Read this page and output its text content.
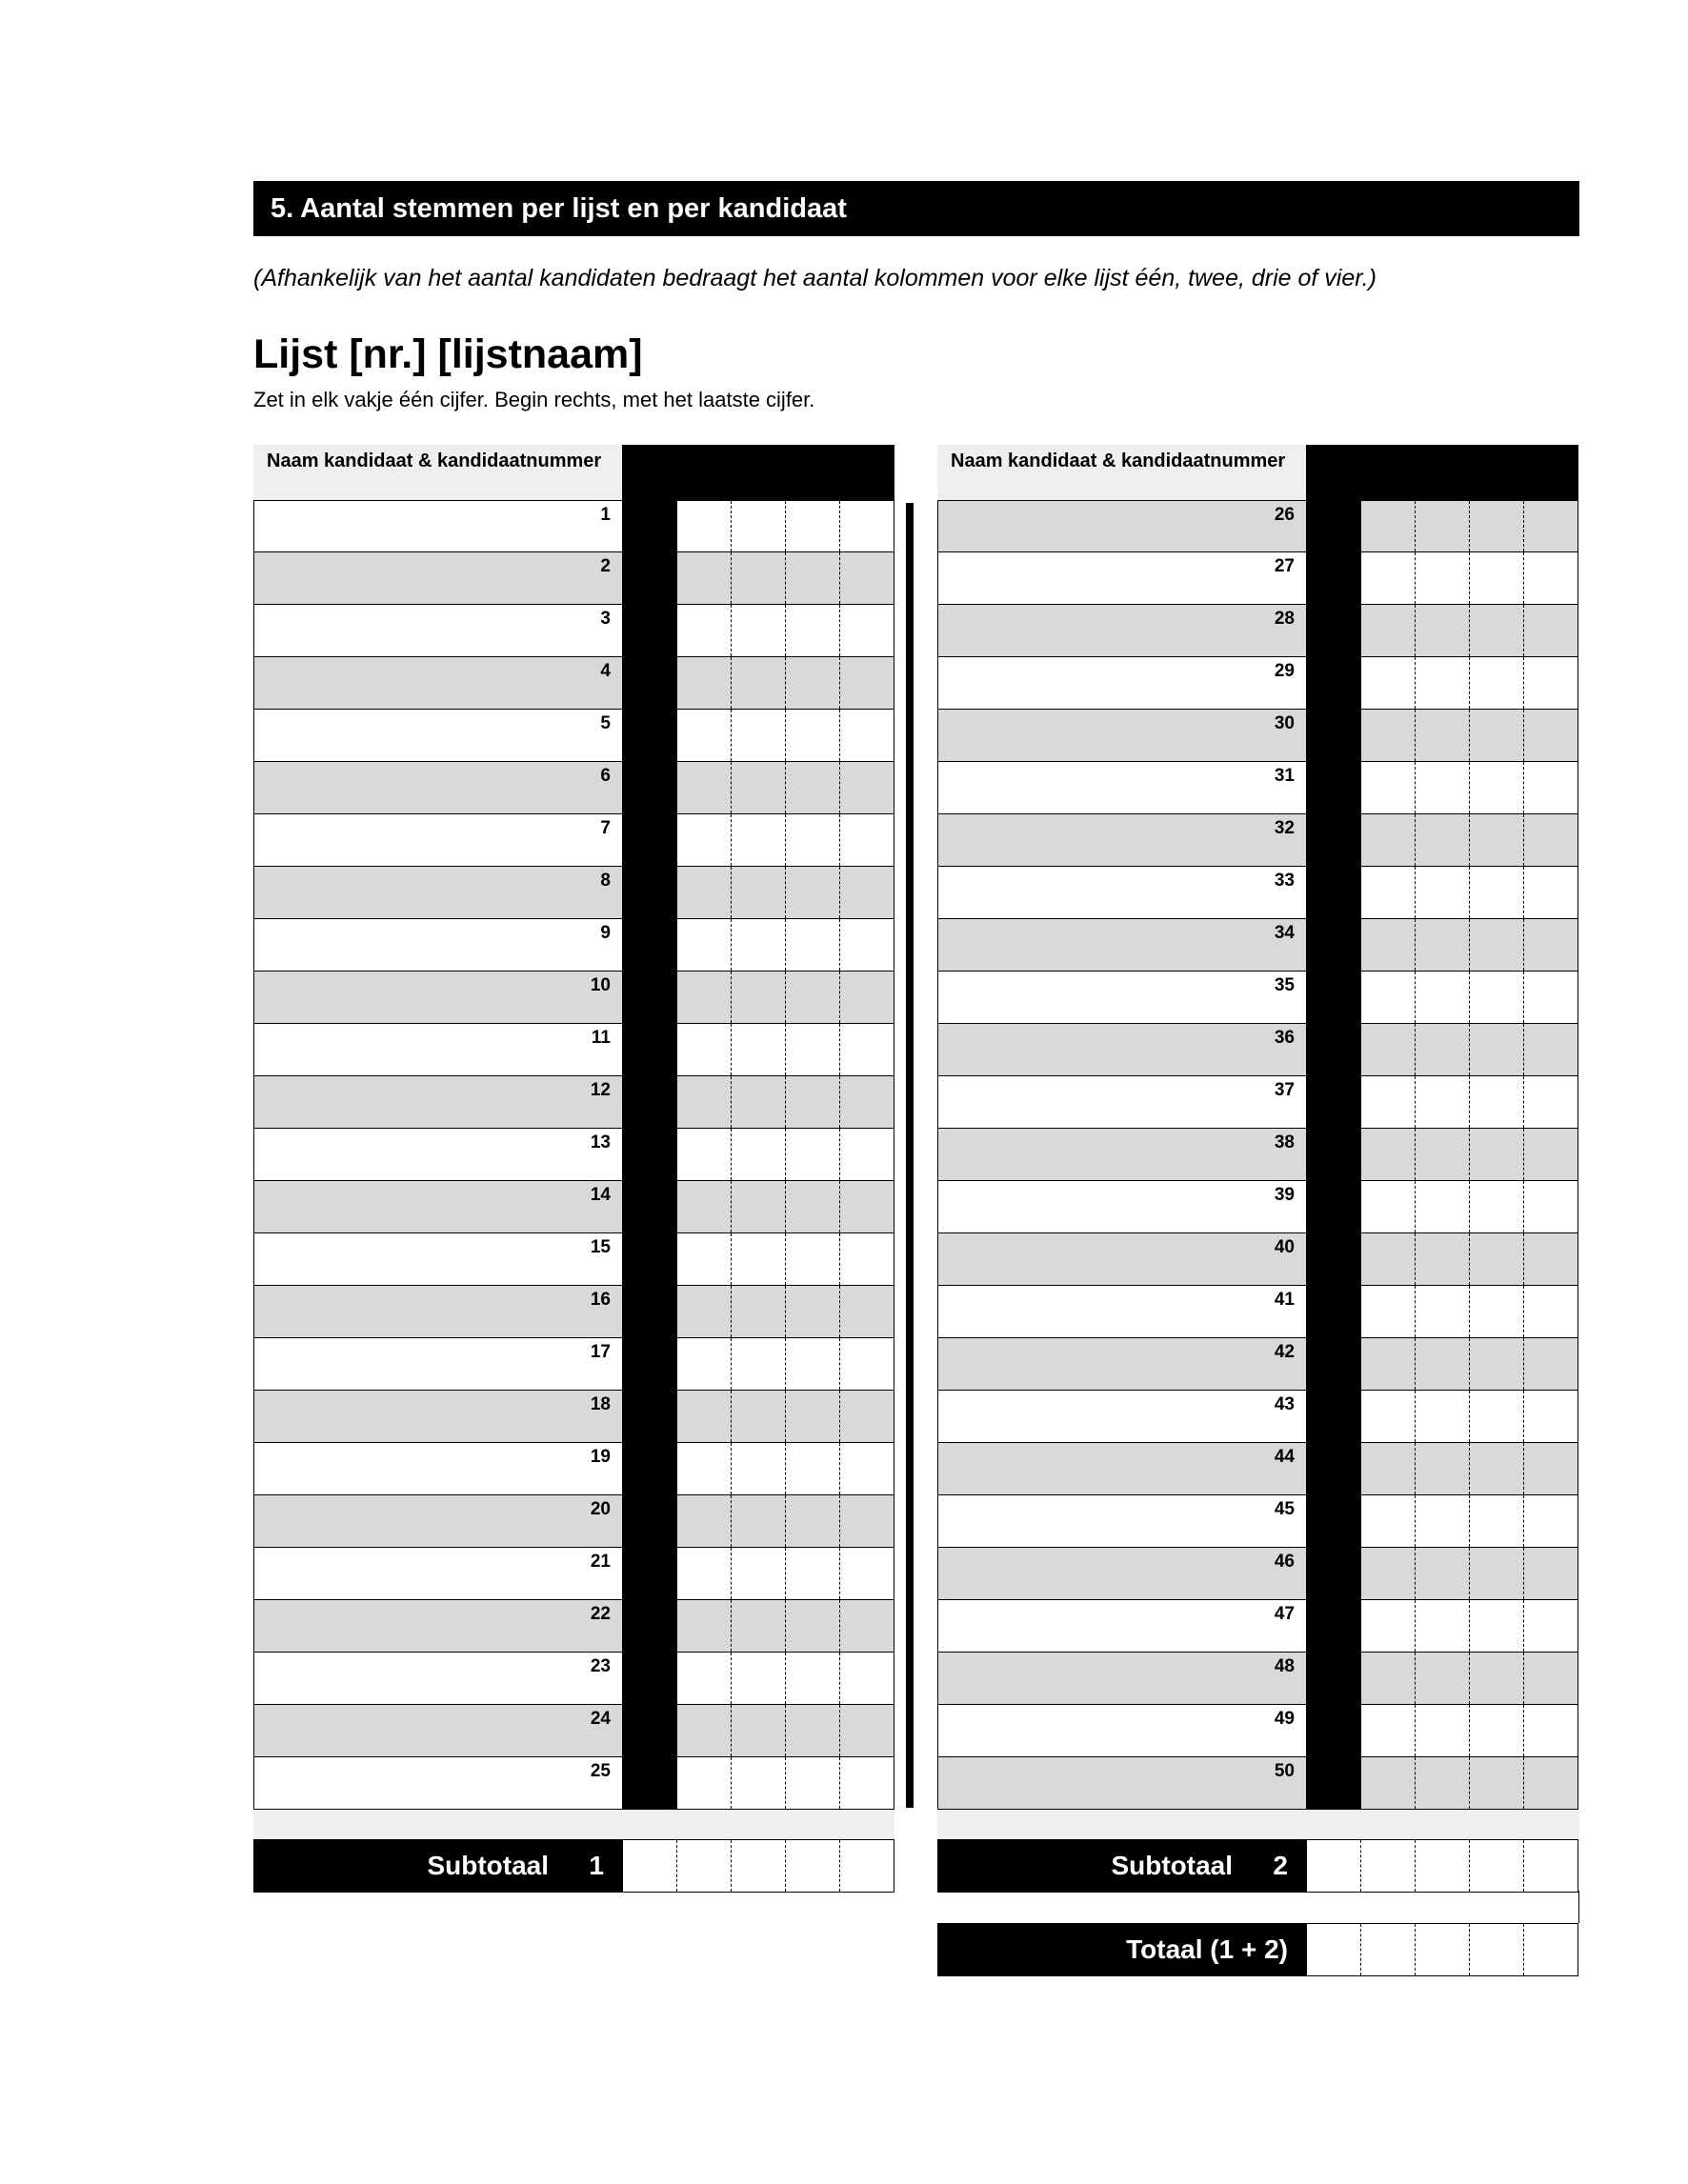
5. Aantal stemmen per lijst en per kandidaat
(Afhankelijk van het aantal kandidaten bedraagt het aantal kolommen voor elke lijst één, twee, drie of vier.)
Lijst [nr.] [lijstnaam]
Zet in elk vakje één cijfer. Begin rechts, met het laatste cijfer.
Naam kandidaat & kandidaatnummer
1
2
3
4
5
6
7
8
9
10
11
12
13
14
15
16
17
18
19
20
21
22
23
24
25
Naam kandidaat & kandidaatnummer
26
27
28
29
30
31
32
33
34
35
36
37
38
39
40
41
42
43
44
45
46
47
48
49
50
Subtotaal 1	Subtotaal 2
Totaal (1 + 2)
